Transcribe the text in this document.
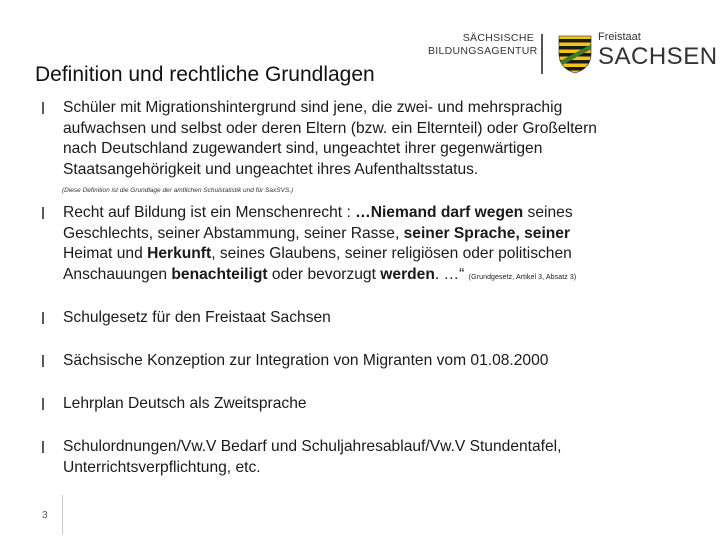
SÄCHSISCHE
BILDUNGSAGENTUR
Freistaat
SACHSEN
Definition und rechtliche Grundlagen
Schüler mit Migrationshintergrund sind jene, die zwei- und mehrsprachig
aufwachsen und selbst oder deren Eltern (bzw. ein Elternteil) oder Großeltern
nach Deutschland zugewandert sind, ungeachtet ihrer gegenwärtigen
Staatsangehörigkeit und ungeachtet ihres Aufenthaltsstatus.
Recht auf Bildung ist ein Menschenrecht : …Niemand darf wegen seines
Geschlechts, seiner Abstammung, seiner Rasse, seiner Sprache, seiner
Heimat und Herkunft, seines Glaubens, seiner religiösen oder politischen
Anschauungen benachteiligt oder bevorzugt werden. …“ (Grundgesetz, Artikel 3, Absatz 3)
Schulgesetz für den Freistaat Sachsen
Sächsische Konzeption zur Integration von Migranten vom 01.08.2000
Lehrplan Deutsch als Zweitsprache
Schulordnungen/Vw.V Bedarf und Schuljahresablauf/Vw.V Stundentafel,
Unterrichtsverpflichtung, etc.
(Diese Definition ist die Grundlage der amtlichen Schulstatistik und für SaxSVS.)
3
